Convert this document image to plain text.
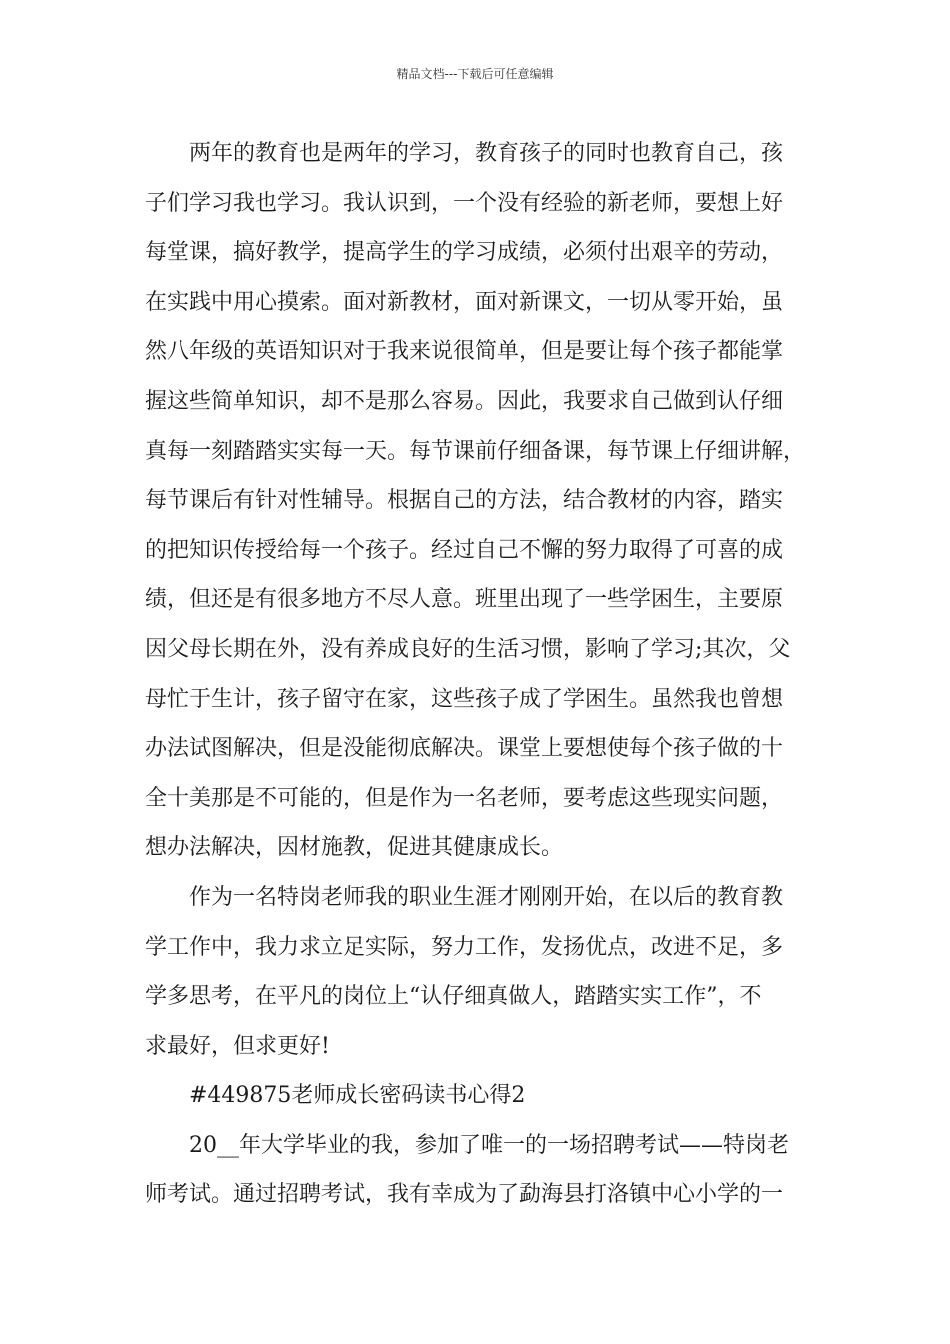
精品文档---下载后可任意编辑
两年的教育也是两年的学习，教育孩子的同时也教育自己，孩
子们学习我也学习。我认识到，一个没有经验的新老师，要想上好
每堂课，搞好教学，提高学生的学习成绩，必须付出艰辛的劳动，
在实践中用心摸索。面对新教材，面对新课文，一切从零开始，虽
然八年级的英语知识对于我来说很简单，但是要让每个孩子都能掌
握这些简单知识，却不是那么容易。因此，我要求自己做到认仔细
真每一刻踏踏实实每一天。每节课前仔细备课，每节课上仔细讲解，
每节课后有针对性辅导。根据自己的方法，结合教材的内容，踏实
的把知识传授给每一个孩子。经过自己不懈的努力取得了可喜的成
绩，但还是有很多地方不尽人意。班里出现了一些学困生，主要原
因父母长期在外，没有养成良好的生活习惯，影响了学习;其次，父
母忙于生计，孩子留守在家，这些孩子成了学困生。虽然我也曾想
办法试图解决，但是没能彻底解决。课堂上要想使每个孩子做的十
全十美那是不可能的，但是作为一名老师，要考虑这些现实问题，
想办法解决，因材施教，促进其健康成长。
作为一名特岗老师我的职业生涯才刚刚开始，在以后的教育教
学工作中，我力求立足实际，努力工作，发扬优点，改进不足，多
学多思考，在平凡的岗位上“认仔细真做人，踏踏实实工作”，不
求最好，但求更好!
#449875老师成长密码读书心得2
20__年大学毕业的我，参加了唯一的一场招聘考试——特岗老
师考试。通过招聘考试，我有幸成为了勐海县打洛镇中心小学的一
